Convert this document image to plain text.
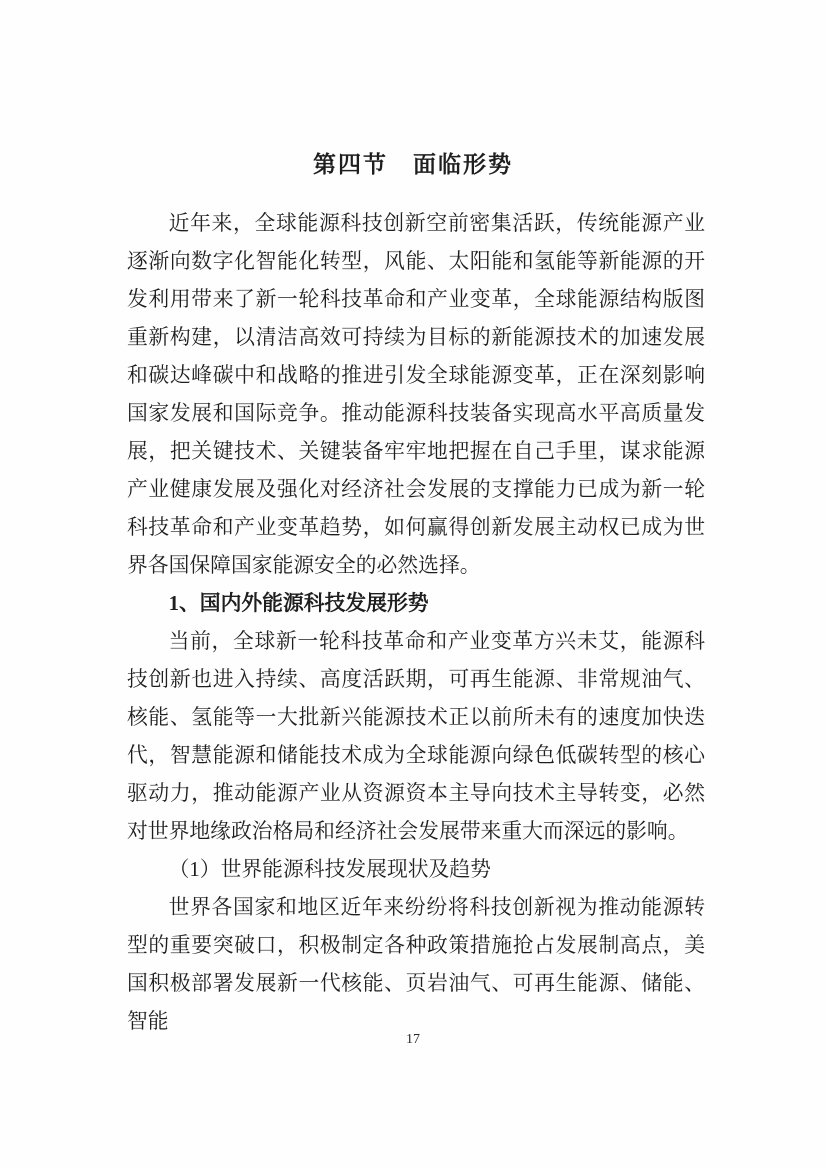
第四节　面临形势

近年来，全球能源科技创新空前密集活跃，传统能源产业逐渐向数字化智能化转型，风能、太阳能和氢能等新能源的开发利用带来了新一轮科技革命和产业变革，全球能源结构版图重新构建，以清洁高效可持续为目标的新能源技术的加速发展和碳达峰碳中和战略的推进引发全球能源变革，正在深刻影响国家发展和国际竞争。推动能源科技装备实现高水平高质量发展，把关键技术、关键装备牢牢地把握在自己手里，谋求能源产业健康发展及强化对经济社会发展的支撑能力已成为新一轮科技革命和产业变革趋势，如何赢得创新发展主动权已成为世界各国保障国家能源安全的必然选择。

1、国内外能源科技发展形势

当前，全球新一轮科技革命和产业变革方兴未艾，能源科技创新也进入持续、高度活跃期，可再生能源、非常规油气、核能、氢能等一大批新兴能源技术正以前所未有的速度加快迭代，智慧能源和储能技术成为全球能源向绿色低碳转型的核心驱动力，推动能源产业从资源资本主导向技术主导转变，必然对世界地缘政治格局和经济社会发展带来重大而深远的影响。

（1）世界能源科技发展现状及趋势

世界各国家和地区近年来纷纷将科技创新视为推动能源转型的重要突破口，积极制定各种政策措施抢占发展制高点，美国积极部署发展新一代核能、页岩油气、可再生能源、储能、智能

17
